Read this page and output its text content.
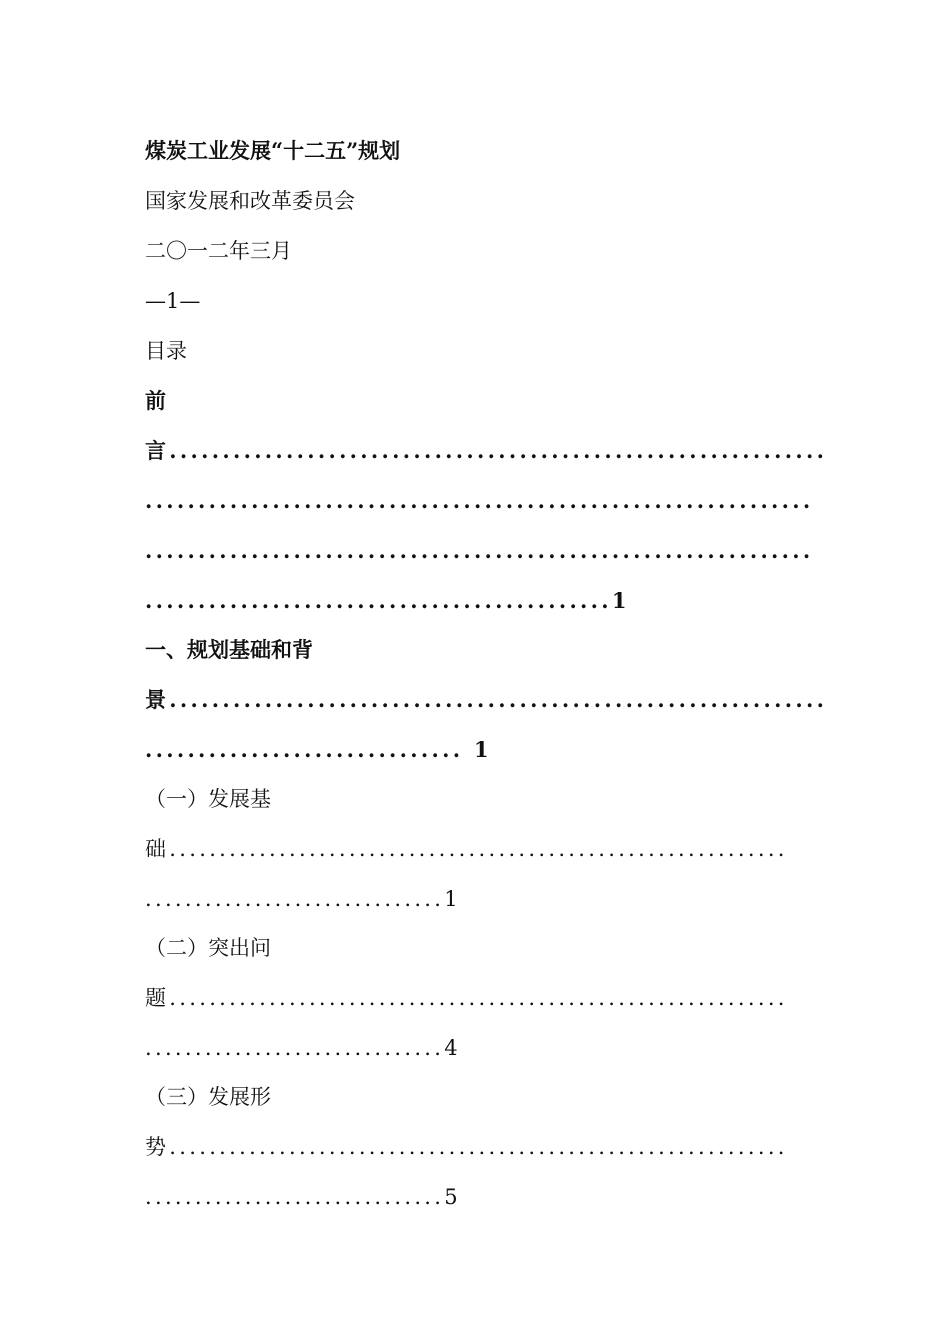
煤炭工业发展“十二五”规划
国家发展和改革委员会
二〇一二年三月
—1—
目录
前
言..............................................................
...............................................................
...............................................................
............................................1
一、规划基础和背
景..............................................................
.............................. 1
（一）发展基
础..............................................................
..............................1
（二）突出问
题..............................................................
..............................4
（三）发展形
势..............................................................
..............................5
